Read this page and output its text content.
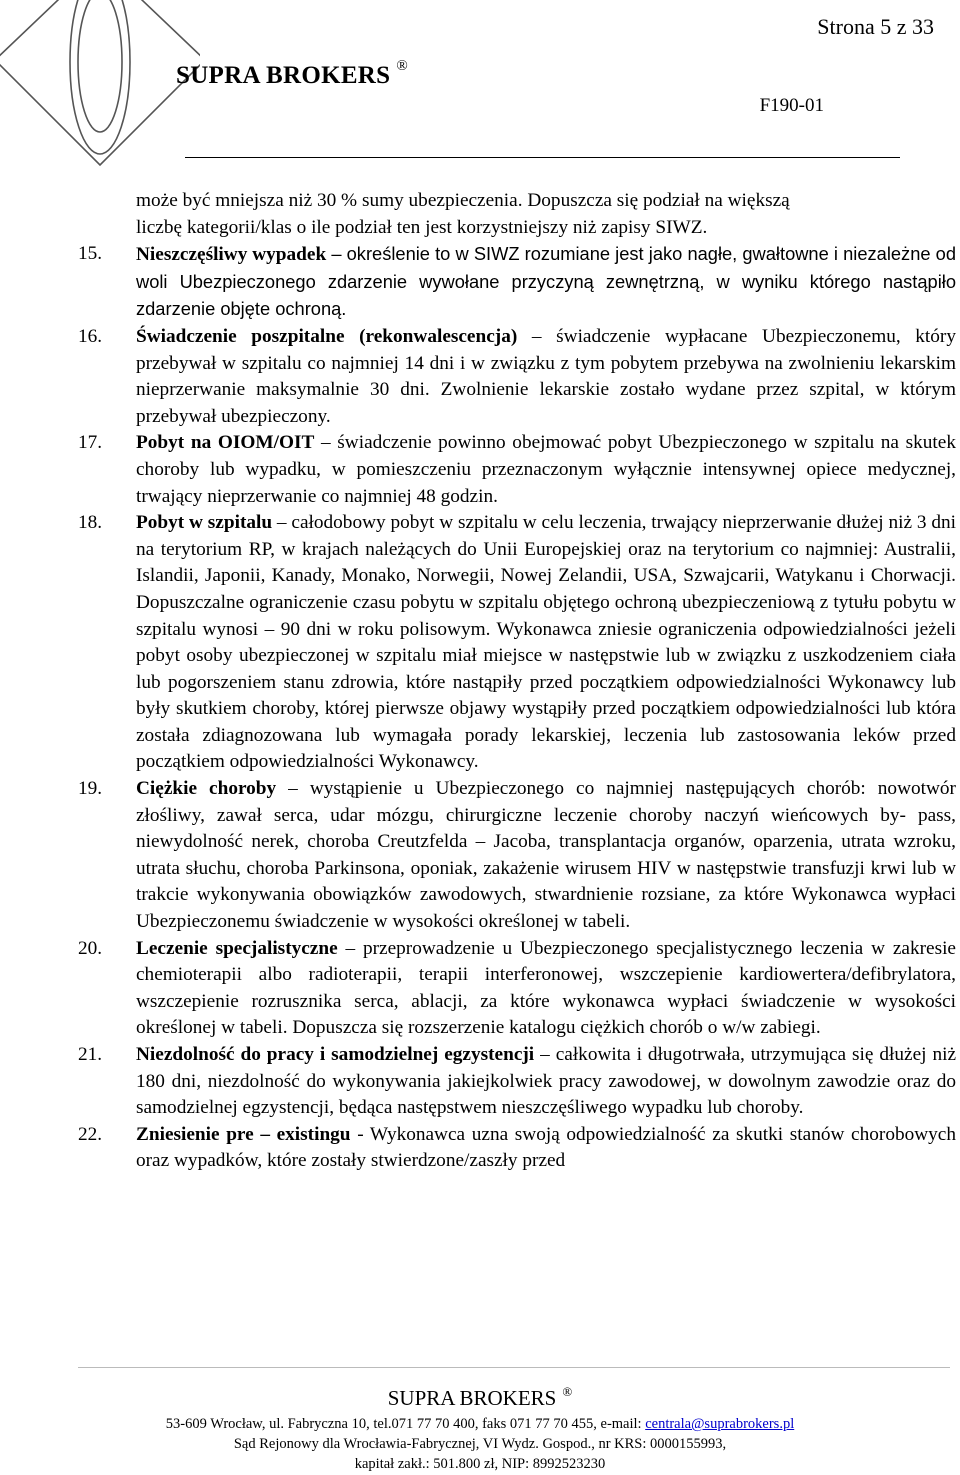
Strona 5 z 33
SUPRA BROKERS ®
F190-01
może być mniejsza niż 30 % sumy ubezpieczenia. Dopuszcza się podział na większą
liczbę kategorii/klas o ile podział ten jest korzystniejszy niż zapisy SIWZ.
15. Nieszczęśliwy wypadek – określenie to w SIWZ rozumiane jest jako nagłe, gwałtowne i niezależne od woli Ubezpieczonego zdarzenie wywołane przyczyną zewnętrzną, w wyniku którego nastąpiło zdarzenie objęte ochroną.
16. Świadczenie poszpitalne (rekonwalescencja) – świadczenie wypłacane Ubezpieczonemu, który przebywał w szpitalu co najmniej 14 dni i w związku z tym pobytem przebywa na zwolnieniu lekarskim nieprzerwanie maksymalnie 30 dni. Zwolnienie lekarskie zostało wydane przez szpital, w którym przebywał ubezpieczony.
17. Pobyt na OIOM/OIT – świadczenie powinno obejmować pobyt Ubezpieczonego w szpitalu na skutek choroby lub wypadku, w pomieszczeniu przeznaczonym wyłącznie intensywnej opiece medycznej, trwający nieprzerwanie co najmniej 48 godzin.
18. Pobyt w szpitalu – całodobowy pobyt w szpitalu w celu leczenia, trwający nieprzerwanie dłużej niż 3 dni na terytorium RP, w krajach należących do Unii Europejskiej oraz na terytorium co najmniej: Australii, Islandii, Japonii, Kanady, Monako, Norwegii, Nowej Zelandii, USA, Szwajcarii, Watykanu i Chorwacji. Dopuszczalne ograniczenie czasu pobytu w szpitalu objętego ochroną ubezpieczeniową z tytułu pobytu w szpitalu wynosi – 90 dni w roku polisowym. Wykonawca zniesie ograniczenia odpowiedzialności jeżeli pobyt osoby ubezpieczonej w szpitalu miał miejsce w następstwie lub w związku z uszkodzeniem ciała lub pogorszeniem stanu zdrowia, które nastąpiły przed początkiem odpowiedzialności Wykonawcy lub były skutkiem choroby, której pierwsze objawy wystąpiły przed początkiem odpowiedzialności lub która została zdiagnozowana lub wymagała porady lekarskiej, leczenia lub zastosowania leków przed początkiem odpowiedzialności Wykonawcy.
19. Ciężkie choroby – wystąpienie u Ubezpieczonego co najmniej następujących chorób: nowotwór złośliwy, zawał serca, udar mózgu, chirurgiczne leczenie choroby naczyń wieńcowych by- pass, niewydolność nerek, choroba Creutzfelda – Jacoba, transplantacja organów, oparzenia, utrata wzroku, utrata słuchu, choroba Parkinsona, oponiak, zakażenie wirusem HIV w następstwie transfuzji krwi lub w trakcie wykonywania obowiązków zawodowych, stwardnienie rozsiane, za które Wykonawca wypłaci Ubezpieczonemu świadczenie w wysokości określonej w tabeli.
20. Leczenie specjalistyczne – przeprowadzenie u Ubezpieczonego specjalistycznego leczenia w zakresie chemioterapii albo radioterapii, terapii interferonowej, wszczepienie kardiowertera/defibrylatora, wszczepienie rozrusznika serca, ablacji, za które wykonawca wypłaci świadczenie w wysokości określonej w tabeli. Dopuszcza się rozszerzenie katalogu ciężkich chorób o w/w zabiegi.
21. Niezdolność do pracy i samodzielnej egzystencji – całkowita i długotrwała, utrzymująca się dłużej niż 180 dni, niezdolność do wykonywania jakiejkolwiek pracy zawodowej, w dowolnym zawodzie oraz do samodzielnej egzystencji, będąca następstwem nieszczęśliwego wypadku lub choroby.
22. Zniesienie pre – existingu - Wykonawca uzna swoją odpowiedzialność za skutki stanów chorobowych oraz wypadków, które zostały stwierdzone/zaszły przed
SUPRA BROKERS ®
53-609 Wrocław, ul. Fabryczna 10, tel.071 77 70 400, faks 071 77 70 455, e-mail: centrala@suprabrokers.pl
Sąd Rejonowy dla Wrocławia-Fabrycznej, VI Wydz. Gospod., nr KRS: 0000155993,
kapitał zakł.: 501.800 zł, NIP: 8992523230
